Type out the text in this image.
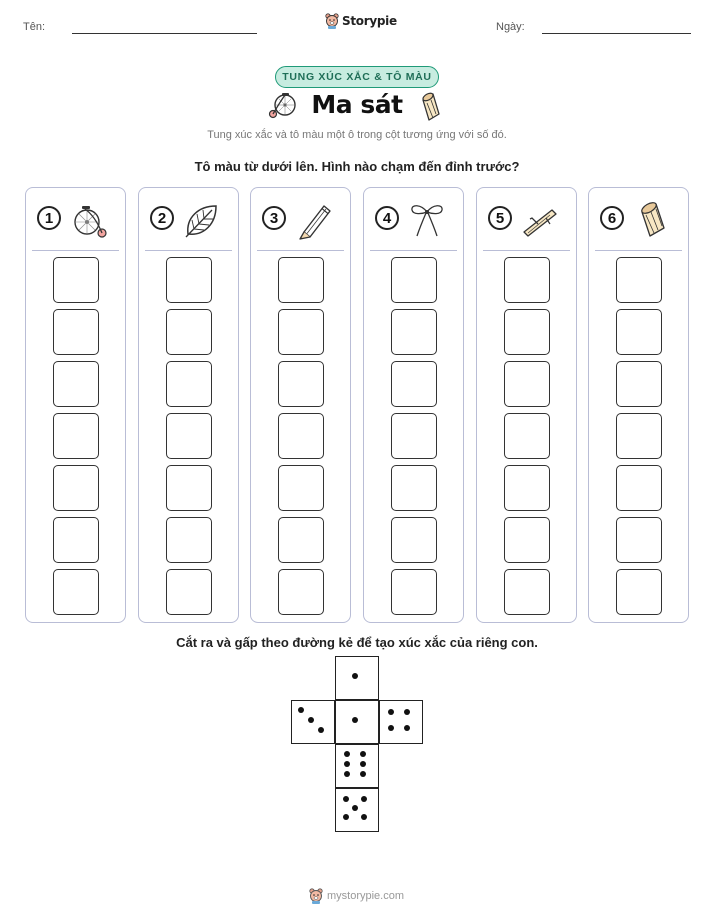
Tên:	Storypie	Ngày:
TUNG XÚC XẮC & TÔ MÀU
Ma sát
Tung xúc xắc và tô màu một ô trong cột tương ứng với số đó.
Tô màu từ dưới lên. Hình nào chạm đến đỉnh trước?
1	2	3	4	5	6
Cắt ra và gấp theo đường kẻ để tạo xúc xắc của riêng con.
mystorypie.com
